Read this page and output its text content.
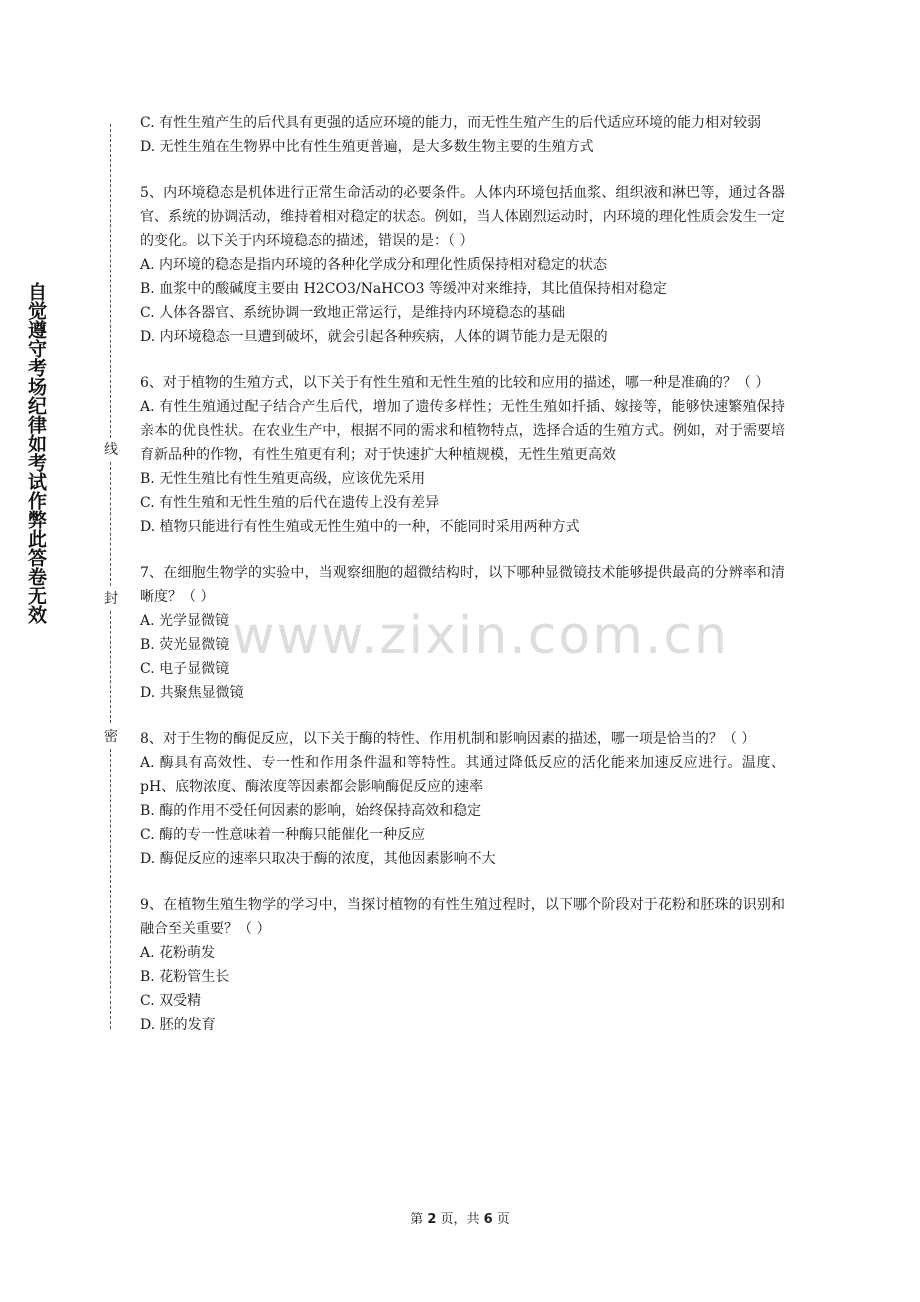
自觉遵守考场纪律如考试作弊此答卷无效	线
封
密
www.zixin.com.cn

C. 有性生殖产生的后代具有更强的适应环境的能力，而无性生殖产生的后代适应环境的能力相对较弱

D. 无性生殖在生物界中比有性生殖更普遍，是大多数生物主要的生殖方式

5、内环境稳态是机体进行正常生命活动的必要条件。人体内环境包括血浆、组织液和淋巴等，通过各器官、系统的协调活动，维持着相对稳定的状态。例如，当人体剧烈运动时，内环境的理化性质会发生一定的变化。以下关于内环境稳态的描述，错误的是：（ ）

A. 内环境的稳态是指内环境的各种化学成分和理化性质保持相对稳定的状态

B. 血浆中的酸碱度主要由 H2CO3/NaHCO3 等缓冲对来维持，其比值保持相对稳定

C. 人体各器官、系统协调一致地正常运行，是维持内环境稳态的基础

D. 内环境稳态一旦遭到破坏，就会引起各种疾病，人体的调节能力是无限的

6、对于植物的生殖方式，以下关于有性生殖和无性生殖的比较和应用的描述，哪一种是准确的？（ ）

A. 有性生殖通过配子结合产生后代，增加了遗传多样性；无性生殖如扦插、嫁接等，能够快速繁殖保持亲本的优良性状。在农业生产中，根据不同的需求和植物特点，选择合适的生殖方式。例如，对于需要培育新品种的作物，有性生殖更有利；对于快速扩大种植规模，无性生殖更高效

B. 无性生殖比有性生殖更高级，应该优先采用

C. 有性生殖和无性生殖的后代在遗传上没有差异

D. 植物只能进行有性生殖或无性生殖中的一种，不能同时采用两种方式

7、在细胞生物学的实验中，当观察细胞的超微结构时，以下哪种显微镜技术能够提供最高的分辨率和清晰度？（ ）

A. 光学显微镜

B. 荧光显微镜

C. 电子显微镜

D. 共聚焦显微镜

8、对于生物的酶促反应，以下关于酶的特性、作用机制和影响因素的描述，哪一项是恰当的？（ ）

A. 酶具有高效性、专一性和作用条件温和等特性。其通过降低反应的活化能来加速反应进行。温度、pH、底物浓度、酶浓度等因素都会影响酶促反应的速率

B. 酶的作用不受任何因素的影响，始终保持高效和稳定

C. 酶的专一性意味着一种酶只能催化一种反应

D. 酶促反应的速率只取决于酶的浓度，其他因素影响不大

9、在植物生殖生物学的学习中，当探讨植物的有性生殖过程时，以下哪个阶段对于花粉和胚珠的识别和融合至关重要？（ ）

A. 花粉萌发

B. 花粉管生长

C. 双受精

D. 胚的发育

第 2 页，共 6 页
